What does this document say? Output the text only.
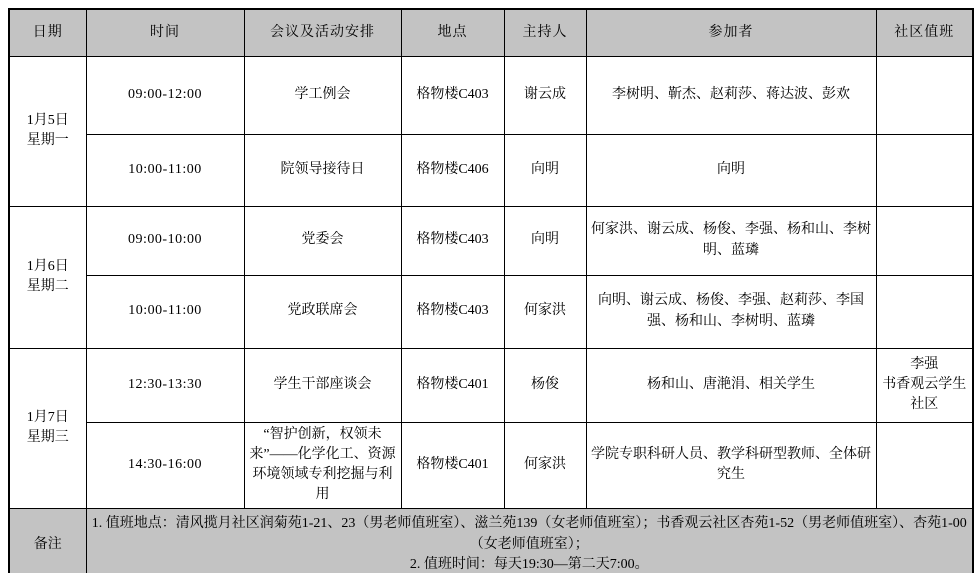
日期	时间	会议及活动安排	地点	主持人	参加者	社区值班

1月5日
星期一	09:00-12:00	学工例会	格物楼C403	谢云成	李树明、靳杰、赵莉莎、蒋达波、彭欢	
	10:00-11:00	院领导接待日	格物楼C406	向明	向明	

1月6日
星期二	09:00-10:00	党委会	格物楼C403	向明	何家洪、谢云成、杨俊、李强、杨和山、李树明、蓝璘	
	10:00-11:00	党政联席会	格物楼C403	何家洪	向明、谢云成、杨俊、李强、赵莉莎、李国强、杨和山、李树明、蓝璘	

1月7日
星期三	12:30-13:30	学生干部座谈会	格物楼C401	杨俊	杨和山、唐滟涓、相关学生	李强
书香观云学生社区

	14:30-16:00	“智护创新，权领未来”——化学化工、资源环境领域专利挖掘与利用	格物楼C401	何家洪	学院专职科研人员、教学科研型教师、全体研究生	
备注	1. 值班地点：清风揽月社区润菊苑1-21、23（男老师值班室）、滋兰苑139（女老师值班室）；书香观云社区杏苑1-52（男老师值班室）、杏苑1-00（女老师值班室）；
2. 值班时间：每天19:30—第二天7:00。					
